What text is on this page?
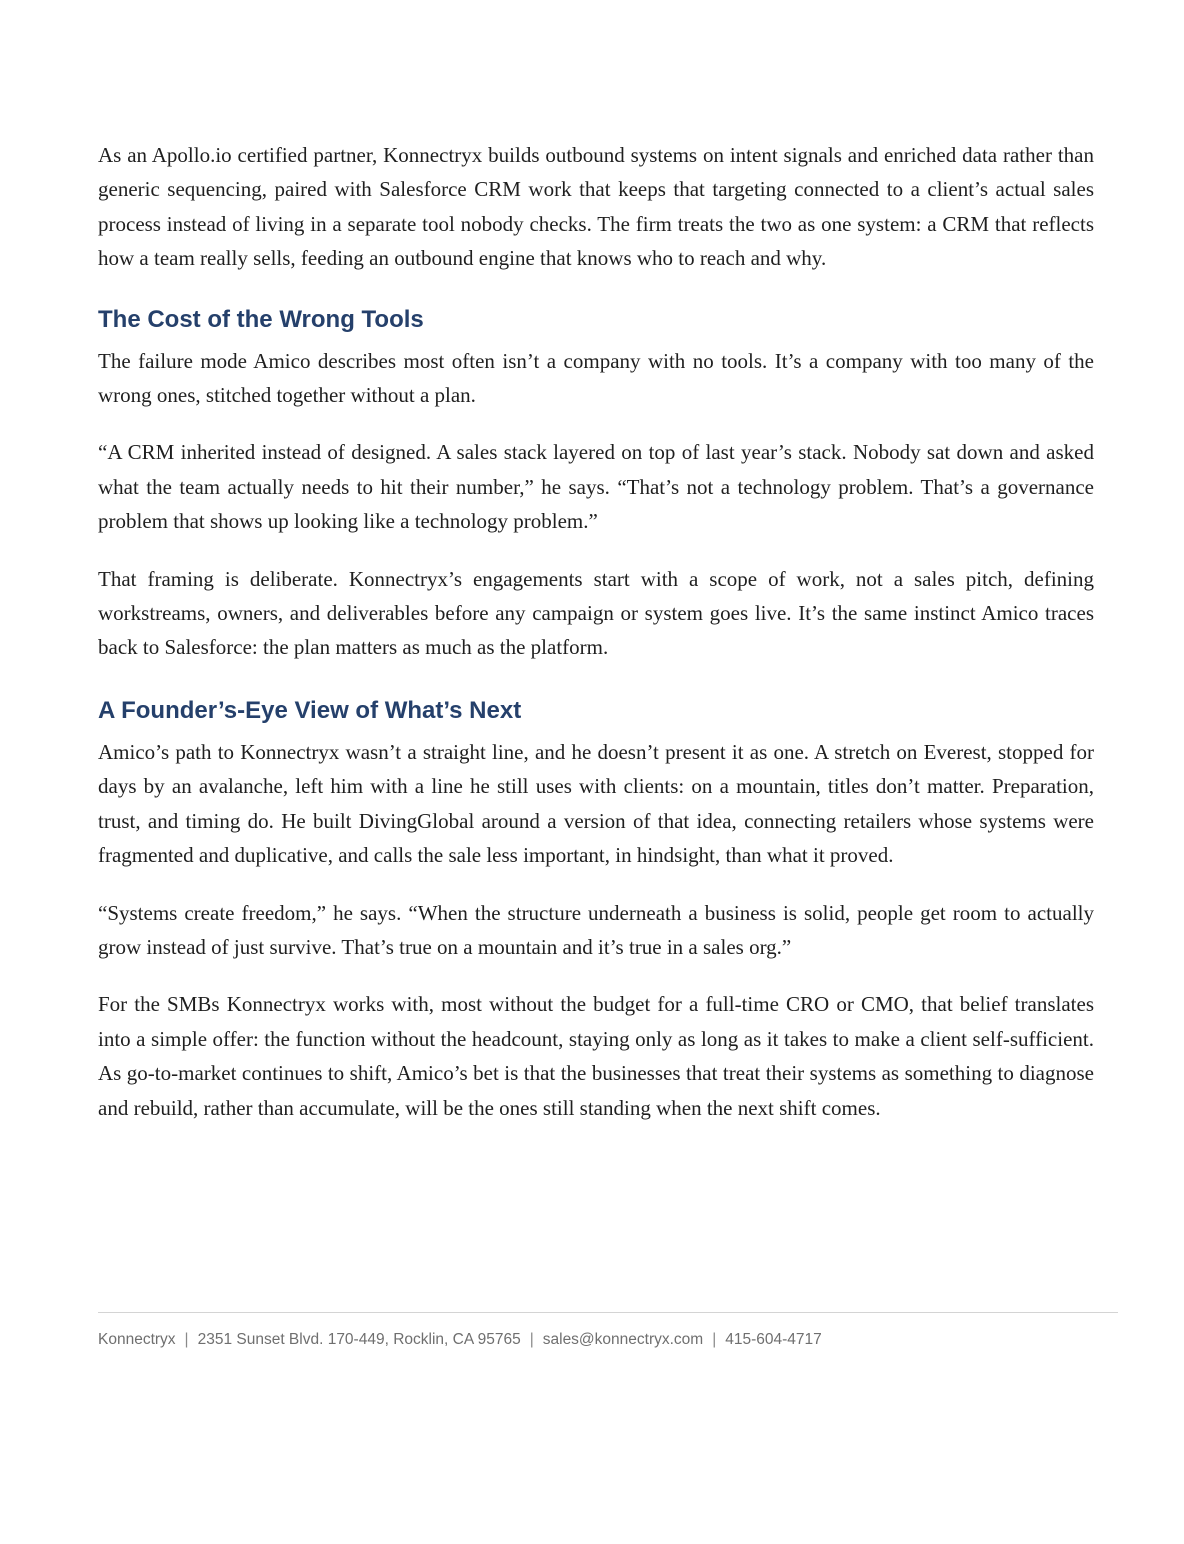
As an Apollo.io certified partner, Konnectryx builds outbound systems on intent signals and enriched data rather than generic sequencing, paired with Salesforce CRM work that keeps that targeting connected to a client’s actual sales process instead of living in a separate tool nobody checks. The firm treats the two as one system: a CRM that reflects how a team really sells, feeding an outbound engine that knows who to reach and why.

The Cost of the Wrong Tools

The failure mode Amico describes most often isn’t a company with no tools. It’s a company with too many of the wrong ones, stitched together without a plan.

“A CRM inherited instead of designed. A sales stack layered on top of last year’s stack. Nobody sat down and asked what the team actually needs to hit their number,” he says. “That’s not a technology problem. That’s a governance problem that shows up looking like a technology problem.”

That framing is deliberate. Konnectryx’s engagements start with a scope of work, not a sales pitch, defining workstreams, owners, and deliverables before any campaign or system goes live. It’s the same instinct Amico traces back to Salesforce: the plan matters as much as the platform.

A Founder’s-Eye View of What’s Next

Amico’s path to Konnectryx wasn’t a straight line, and he doesn’t present it as one. A stretch on Everest, stopped for days by an avalanche, left him with a line he still uses with clients: on a mountain, titles don’t matter. Preparation, trust, and timing do. He built DivingGlobal around a version of that idea, connecting retailers whose systems were fragmented and duplicative, and calls the sale less important, in hindsight, than what it proved.

“Systems create freedom,” he says. “When the structure underneath a business is solid, people get room to actually grow instead of just survive. That’s true on a mountain and it’s true in a sales org.”

For the SMBs Konnectryx works with, most without the budget for a full-time CRO or CMO, that belief translates into a simple offer: the function without the headcount, staying only as long as it takes to make a client self-sufficient. As go-to-market continues to shift, Amico’s bet is that the businesses that treat their systems as something to diagnose and rebuild, rather than accumulate, will be the ones still standing when the next shift comes.

Konnectryx | 2351 Sunset Blvd. 170-449, Rocklin, CA 95765 | sales@konnectryx.com | 415-604-4717
